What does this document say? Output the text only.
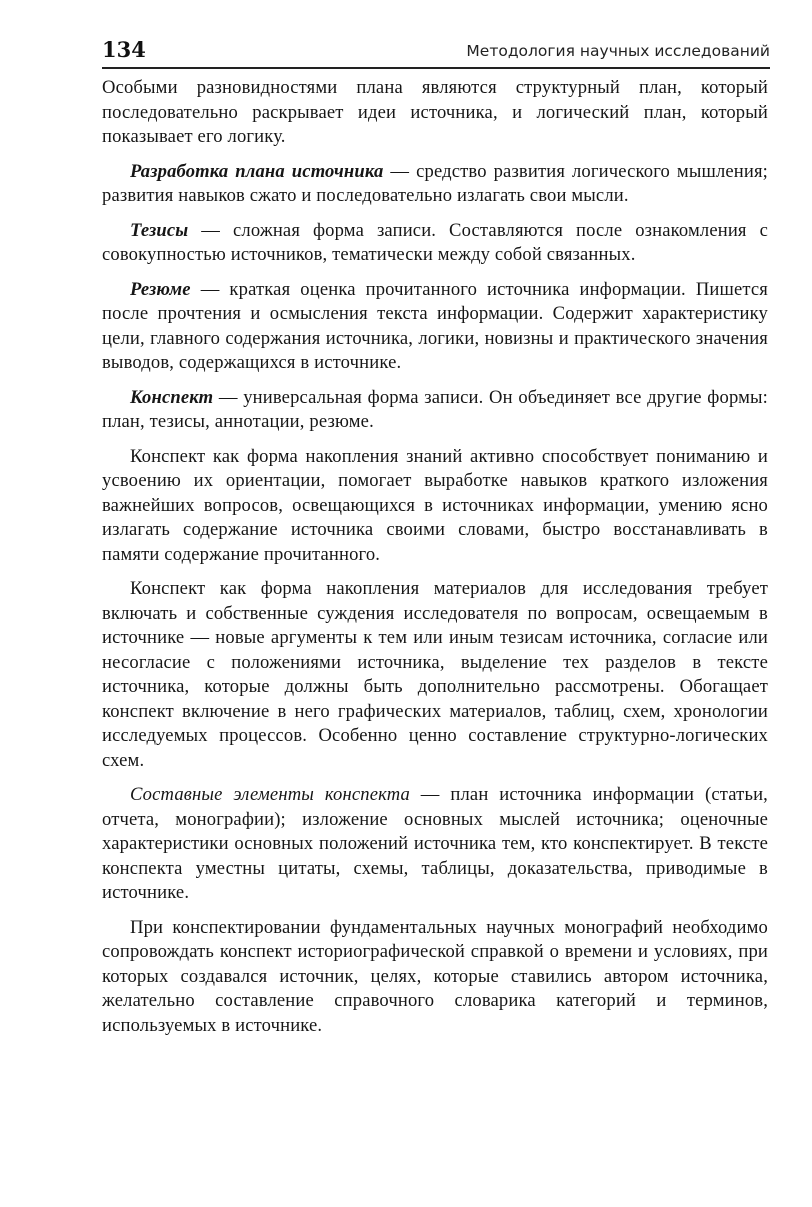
134	Методология научных исследований

Особыми разновидностями плана являются структурный план, который последовательно раскрывает идеи источника, и логический план, который показывает его логику.

Разработка плана источника — средство развития логического мышления; развития навыков сжато и последовательно излагать свои мысли.

Тезисы — сложная форма записи. Составляются после ознакомления с совокупностью источников, тематически между собой связанных.

Резюме — краткая оценка прочитанного источника информации. Пишется после прочтения и осмысления текста информации. Содержит характеристику цели, главного содержания источника, логики, новизны и практического значения выводов, содержащихся в источнике.

Конспект — универсальная форма записи. Он объединяет все другие формы: план, тезисы, аннотации, резюме.

Конспект как форма накопления знаний активно способствует пониманию и усвоению их ориентации, помогает выработке навыков краткого изложения важнейших вопросов, освещающихся в источниках информации, умению ясно излагать содержание источника своими словами, быстро восстанавливать в памяти содержание прочитанного.

Конспект как форма накопления материалов для исследования требует включать и собственные суждения исследователя по вопросам, освещаемым в источнике — новые аргументы к тем или иным тезисам источника, согласие или несогласие с положениями источника, выделение тех разделов в тексте источника, которые должны быть дополнительно рассмотрены. Обогащает конспект включение в него графических материалов, таблиц, схем, хронологии исследуемых процессов. Особенно ценно составление структурно-логических схем.

Составные элементы конспекта — план источника информации (статьи, отчета, монографии); изложение основных мыслей источника; оценочные характеристики основных положений источника тем, кто конспектирует. В тексте конспекта уместны цитаты, схемы, таблицы, доказательства, приводимые в источнике.

При конспектировании фундаментальных научных монографий необходимо сопровождать конспект историографической справкой о времени и условиях, при которых создавался источник, целях, которые ставились автором источника, желательно составление справочного словарика категорий и терминов, используемых в источнике.
